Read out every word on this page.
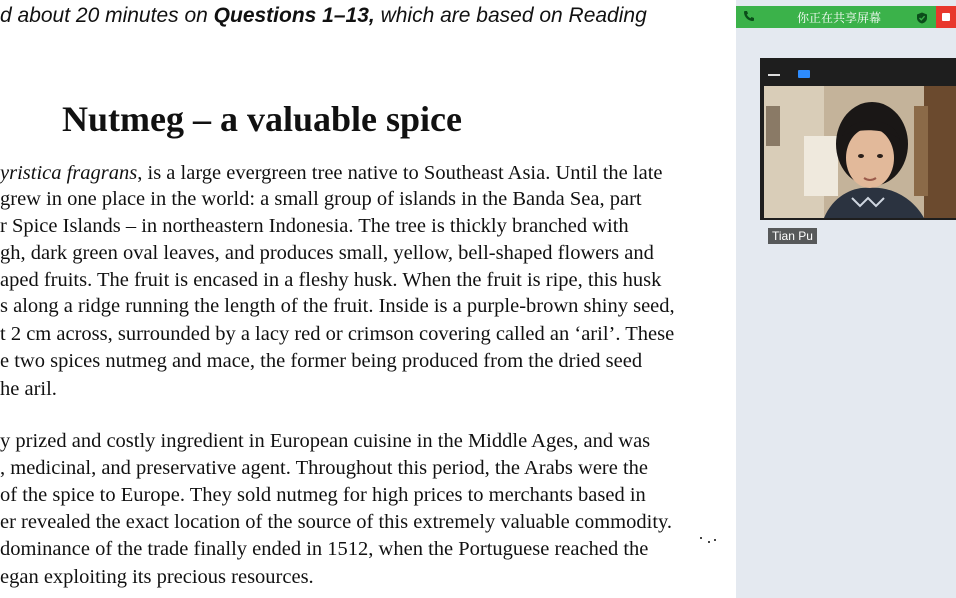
d about 20 minutes on Questions 1–13, which are based on Reading
Nutmeg – a valuable spice
yristica fragrans, is a large evergreen tree native to Southeast Asia. Until the late
grew in one place in the world: a small group of islands in the Banda Sea, part
r Spice Islands – in northeastern Indonesia. The tree is thickly branched with
gh, dark green oval leaves, and produces small, yellow, bell-shaped flowers and
aped fruits. The fruit is encased in a fleshy husk. When the fruit is ripe, this husk
s along a ridge running the length of the fruit. Inside is a purple-brown shiny seed,
t 2 cm across, surrounded by a lacy red or crimson covering called an ‘aril’. These
e two spices nutmeg and mace, the former being produced from the dried seed
he aril.
y prized and costly ingredient in European cuisine in the Middle Ages, and was
, medicinal, and preservative agent. Throughout this period, the Arabs were the
of the spice to Europe. They sold nutmeg for high prices to merchants based in
er revealed the exact location of the source of this extremely valuable commodity.
dominance of the trade finally ended in 1512, when the Portuguese reached the
egan exploiting its precious resources.
你正在共享屏幕
Tian Pu
